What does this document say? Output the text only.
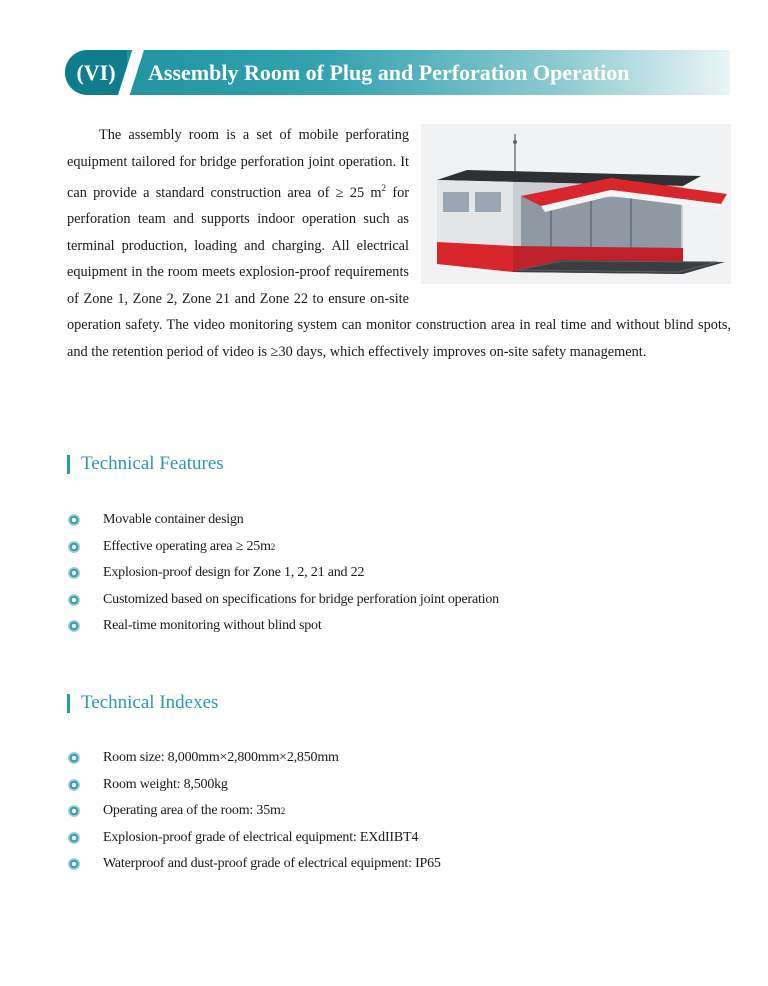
(VI)	Assembly Room of Plug and Perforation Operation

The assembly room is a set of mobile perforating equipment tailored for bridge perforation joint operation. It can provide a standard construction area of ≥ 25 $m^2$ for perforation team and supports indoor operation such as terminal production, loading and charging. All electrical equipment in the room meets explosion-proof requirements of Zone 1, Zone 2, Zone 21 and Zone 22 to ensure on-site operation safety. The video monitoring system can monitor construction area in real time and without blind spots, and the retention period of video is ≥30 days, which effectively improves on-site safety management.

Technical Features
Movable container design
Effective operating area ≥ 25m 2
Explosion-proof design for Zone 1, 2, 21 and 22
Customized based on specifications for bridge perforation joint operation
Real-time monitoring without blind spot
Technical Indexes
Room size: 8,000mm×2,800mm×2,850mm
Room weight: 8,500kg
Operating area of the room: 35m 2
Explosion-proof grade of electrical equipment: EXdIIBT4
Waterproof and dust-proof grade of electrical equipment: IP65
